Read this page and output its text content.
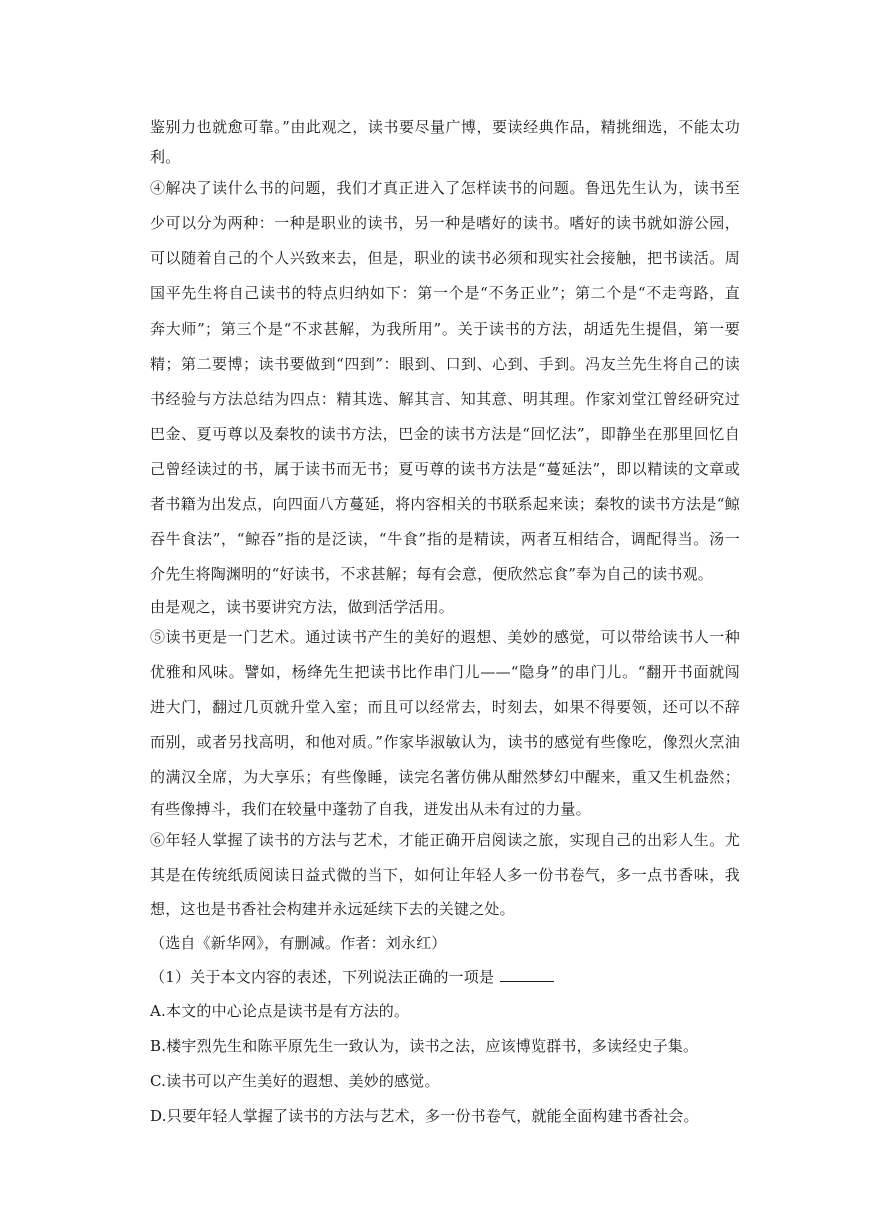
鉴别力也就愈可靠。”由此观之，读书要尽量广博，要读经典作品，精挑细选，不能太功
利。
④解决了读什么书的问题，我们才真正进入了怎样读书的问题。鲁迅先生认为，读书至
少可以分为两种：一种是职业的读书，另一种是嗜好的读书。嗜好的读书就如游公园，
可以随着自己的个人兴致来去，但是，职业的读书必须和现实社会接触，把书读活。周
国平先生将自己读书的特点归纳如下：第一个是“不务正业”；第二个是“不走弯路，直
奔大师”；第三个是“不求甚解，为我所用”。关于读书的方法，胡适先生提倡，第一要
精；第二要博；读书要做到“四到”：眼到、口到、心到、手到。冯友兰先生将自己的读
书经验与方法总结为四点：精其选、解其言、知其意、明其理。作家刘堂江曾经研究过
巴金、夏丏尊以及秦牧的读书方法，巴金的读书方法是“回忆法”，即静坐在那里回忆自
己曾经读过的书，属于读书而无书；夏丏尊的读书方法是“蔓延法”，即以精读的文章或
者书籍为出发点，向四面八方蔓延，将内容相关的书联系起来读；秦牧的读书方法是“鲸
吞牛食法”，“鲸吞”指的是泛读，“牛食”指的是精读，两者互相结合，调配得当。汤一
介先生将陶渊明的“好读书，不求甚解；每有会意，便欣然忘食”奉为自己的读书观。
由是观之，读书要讲究方法，做到活学活用。
⑤读书更是一门艺术。通过读书产生的美好的遐想、美妙的感觉，可以带给读书人一种
优雅和风味。譬如，杨绛先生把读书比作串门儿——“隐身”的串门儿。“翻开书面就闯
进大门，翻过几页就升堂入室；而且可以经常去，时刻去，如果不得要领，还可以不辞
而别，或者另找高明，和他对质。”作家毕淑敏认为，读书的感觉有些像吃，像烈火烹油
的满汉全席，为大享乐；有些像睡，读完名著仿佛从酣然梦幻中醒来，重又生机盎然；
有些像搏斗，我们在较量中蓬勃了自我，迸发出从未有过的力量。
⑥年轻人掌握了读书的方法与艺术，才能正确开启阅读之旅，实现自己的出彩人生。尤
其是在传统纸质阅读日益式微的当下，如何让年轻人多一份书卷气，多一点书香味，我
想，这也是书香社会构建并永远延续下去的关键之处。
（选自《新华网》，有删减。作者：刘永红）
（1）关于本文内容的表述，下列说法正确的一项是
A.本文的中心论点是读书是有方法的。
B.楼宇烈先生和陈平原先生一致认为，读书之法，应该博览群书，多读经史子集。
C.读书可以产生美好的遐想、美妙的感觉。
D.只要年轻人掌握了读书的方法与艺术，多一份书卷气，就能全面构建书香社会。
